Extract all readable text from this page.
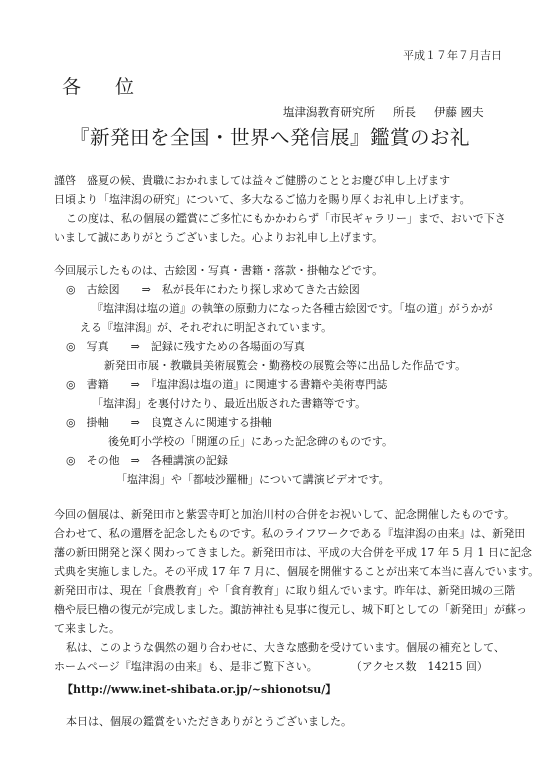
平成１７年７月吉日
各 位
塩津潟教育研究所 所長 伊藤 國夫
『新発田を全国・世界へ発信展』鑑賞のお礼
謹啓　盛夏の候、貴職におかれましては益々ご健勝のこととお慶び申し上げます
日頃より「塩津潟の研究」について、多大なるご協力を賜り厚くお礼申し上げます。
この度は、私の個展の鑑賞にご多忙にもかかわらず「市民ギャラリー」まで、おいで下さ
いまして誠にありがとうございました。心よりお礼申し上げます。
今回展示したものは、古絵図・写真・書籍・落款・掛軸などです。
◎　古絵図　　⇒　私が長年にわたり探し求めてきた古絵図
『塩津潟は塩の道』の執筆の原動力になった各種古絵図です。「塩の道」がうかが
える『塩津潟』が、それぞれに明記されています。
◎　写真　　⇒　記録に残すための各場面の写真
新発田市展・教職員美術展覧会・勤務校の展覧会等に出品した作品です。
◎　書籍　　⇒　『塩津潟は塩の道』に関連する書籍や美術専門誌
「塩津潟」を裏付けたり、最近出版された書籍等です。
◎　掛軸　　⇒　良寛さんに関連する掛軸
後免町小学校の「開運の丘」にあった記念碑のものです。
◎　その他　⇒　各種講演の記録
「塩津潟」や「都岐沙羅柵」について講演ビデオです。
今回の個展は、新発田市と紫雲寺町と加治川村の合併をお祝いして、記念開催したものです。
合わせて、私の還暦を記念したものです。私のライフワークである『塩津潟の由来』は、新発田
藩の新田開発と深く関わってきました。新発田市は、平成の大合併を平成 17 年 5 月 1 日に記念
式典を実施しました。その平成 17 年 7 月に、個展を開催することが出来て本当に喜んでいます。
新発田市は、現在「食農教育」や「食育教育」に取り組んでいます。昨年は、新発田城の三階
櫓や辰巳櫓の復元が完成しました。諏訪神社も見事に復元し、城下町としての「新発田」が蘇っ
て来ました。
私は、このような偶然の廻り合わせに、大きな感動を受けています。個展の補充として、
ホームページ『塩津潟の由来』も、是非ご覧下さい。　　　　（アクセス数　14215 回）
【http://www.inet-shibata.or.jp/~shionotsu/】
本日は、個展の鑑賞をいただきありがとうございました。
